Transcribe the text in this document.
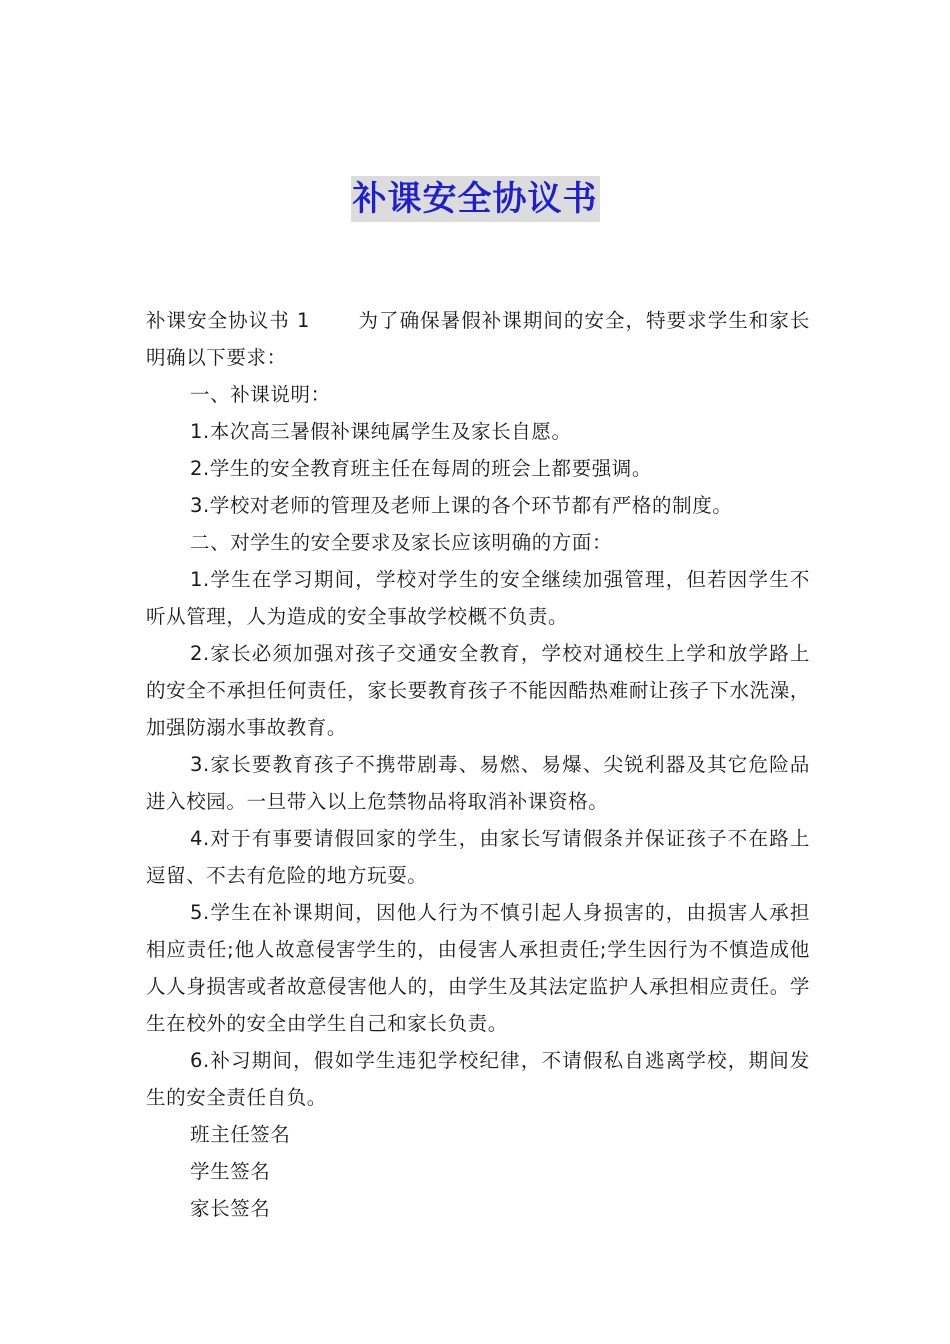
补课安全协议书

补课安全协议书 1 为了确保暑假补课期间的安全，特要求学生和家长明确以下要求：

一、补课说明：

1.本次高三暑假补课纯属学生及家长自愿。

2.学生的安全教育班主任在每周的班会上都要强调。

3.学校对老师的管理及老师上课的各个环节都有严格的制度。

二、对学生的安全要求及家长应该明确的方面：

1.学生在学习期间，学校对学生的安全继续加强管理，但若因学生不听从管理，人为造成的安全事故学校概不负责。

2.家长必须加强对孩子交通安全教育，学校对通校生上学和放学路上的安全不承担任何责任，家长要教育孩子不能因酷热难耐让孩子下水洗澡，加强防溺水事故教育。

3.家长要教育孩子不携带剧毒、易燃、易爆、尖锐利器及其它危险品进入校园。一旦带入以上危禁物品将取消补课资格。

4.对于有事要请假回家的学生，由家长写请假条并保证孩子不在路上逗留、不去有危险的地方玩耍。

5.学生在补课期间，因他人行为不慎引起人身损害的，由损害人承担相应责任;他人故意侵害学生的，由侵害人承担责任;学生因行为不慎造成他人人身损害或者故意侵害他人的，由学生及其法定监护人承担相应责任。学生在校外的安全由学生自己和家长负责。

6.补习期间，假如学生违犯学校纪律，不请假私自逃离学校，期间发生的安全责任自负。

班主任签名

学生签名

家长签名
